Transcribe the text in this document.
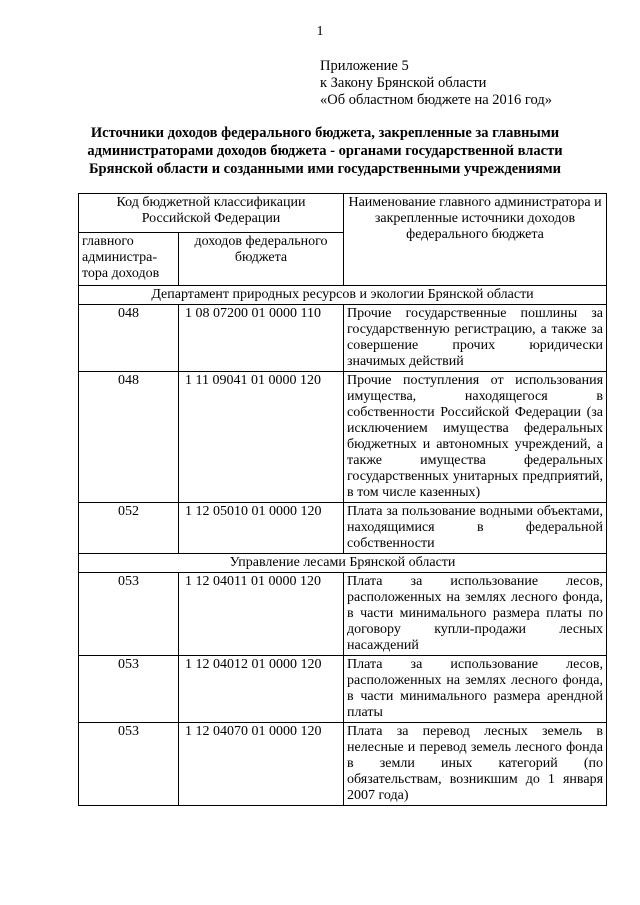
1
Приложение 5
к Закону Брянской области
«Об областном бюджете на 2016 год»
Источники доходов федерального бюджета, закрепленные за главными
администраторами доходов бюджета - органами государственной власти
Брянской области и созданными ими государственными учреждениями
Код бюджетной классификации Российской Федерации		Наименование главного администратора и закрепленные источники доходов федерального бюджета
главного администра-тора доходов	доходов федерального бюджета	
Департамент природных ресурсов и экологии Брянской области		
048	1 08 07200 01 0000 110	Прочие государственные пошлины за государственную регистрацию, а также за совершение прочих юридически значимых действий
048	1 11 09041 01 0000 120	Прочие поступления от использования имущества, находящегося в собственности Российской Федерации (за исключением имущества федеральных бюджетных и автономных учреждений, а также имущества федеральных государственных унитарных предприятий, в том числе казенных)
052	1 12 05010 01 0000 120	Плата за пользование водными объектами, находящимися в федеральной собственности
Управление лесами Брянской области		
053	1 12 04011 01 0000 120	Плата за использование лесов, расположенных на землях лесного фонда, в части минимального размера платы по договору купли-продажи лесных насаждений
053	1 12 04012 01 0000 120	Плата за использование лесов, расположенных на землях лесного фонда, в части минимального размера арендной платы
053	1 12 04070 01 0000 120	Плата за перевод лесных земель в нелесные и перевод земель лесного фонда в земли иных категорий (по обязательствам, возникшим до 1 января 2007 года)
